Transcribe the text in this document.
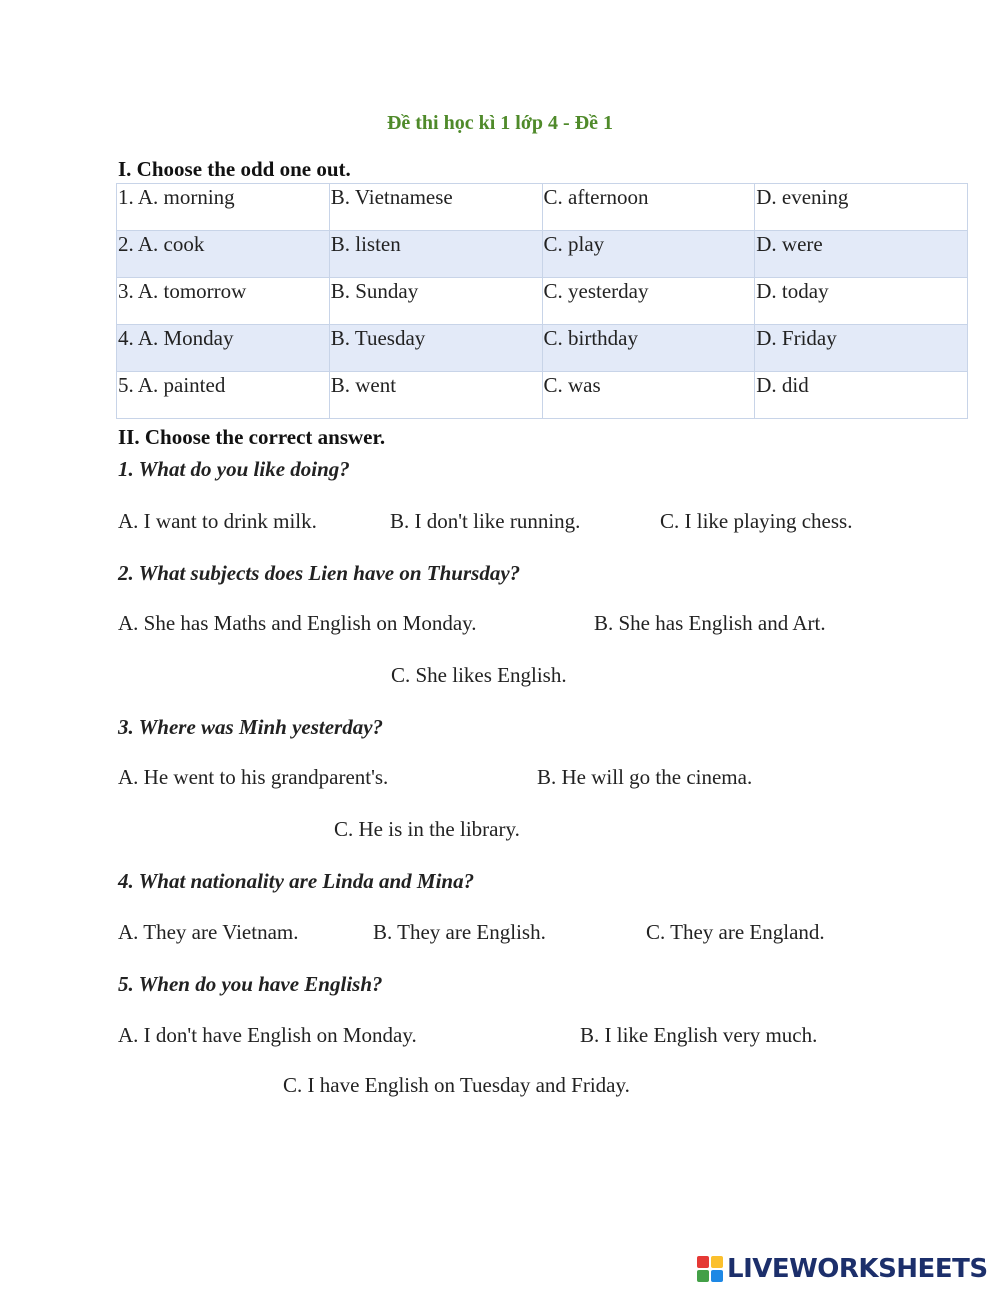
Đề thi học kì 1 lớp 4 - Đề 1
I. Choose the odd one out.
1. A. morning	B. Vietnamese	C. afternoon	D. evening
2. A. cook	B. listen	C. play	D. were
3. A. tomorrow	B. Sunday	C. yesterday	D. today
4. A. Monday	B. Tuesday	C. birthday	D. Friday
5. A. painted	B. went	C. was	D. did
II. Choose the correct answer.
1. What do you like doing?
A. I want to drink milk.	B. I don't like running.	C. I like playing chess.
2. What subjects does Lien have on Thursday?
A. She has Maths and English on Monday.	B. She has English and Art.
C. She likes English.
3. Where was Minh yesterday?
A. He went to his grandparent's.	B. He will go the cinema.
C. He is in the library.
4. What nationality are Linda and Mina?
A. They are Vietnam.	B. They are English.	C. They are England.
5. When do you have English?
A. I don't have English on Monday.	B. I like English very much.
C. I have English on Tuesday and Friday.
LIVEWORKSHEETS
